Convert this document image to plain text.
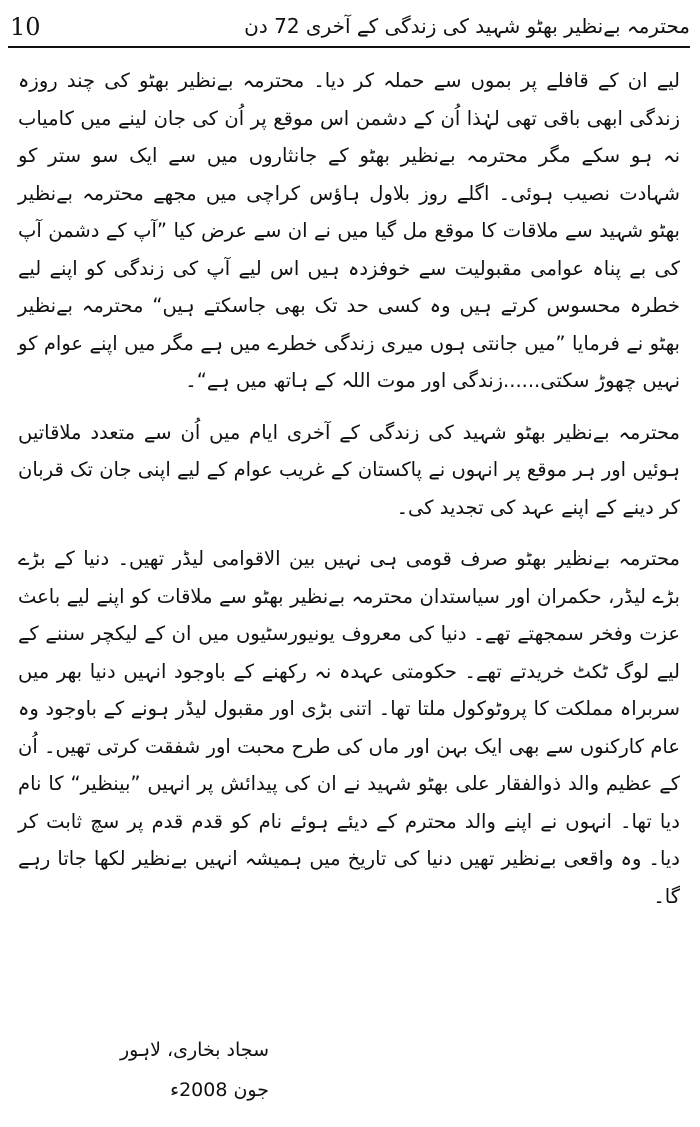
10	محترمہ بےنظیر بھٹو شہید کی زندگی کے آخری 72 دن

لیے ان کے قافلے پر بموں سے حملہ کر دیا۔ محترمہ بےنظیر بھٹو کی چند روزہ زندگی ابھی باقی تھی لہٰذا اُن کے دشمن اس موقع پر اُن کی جان لینے میں کامیاب نہ ہو سکے مگر محترمہ بےنظیر بھٹو کے جانثاروں میں سے ایک سو ستر کو شہادت نصیب ہوئی۔ اگلے روز بلاول ہاؤس کراچی میں مجھے محترمہ بےنظیر بھٹو شہید سے ملاقات کا موقع مل گیا میں نے ان سے عرض کیا ”آپ کے دشمن آپ کی بے پناہ عوامی مقبولیت سے خوفزدہ ہیں اس لیے آپ کی زندگی کو اپنے لیے خطرہ محسوس کرتے ہیں وہ کسی حد تک بھی جاسکتے ہیں“ محترمہ بےنظیر بھٹو نے فرمایا ”میں جانتی ہوں میری زندگی خطرے میں ہے مگر میں اپنے عوام کو نہیں چھوڑ سکتی......زندگی اور موت اللہ کے ہاتھ میں ہے“۔

محترمہ بےنظیر بھٹو شہید کی زندگی کے آخری ایام میں اُن سے متعدد ملاقاتیں ہوئیں اور ہر موقع پر انہوں نے پاکستان کے غریب عوام کے لیے اپنی جان تک قربان کر دینے کے اپنے عہد کی تجدید کی۔

محترمہ بےنظیر بھٹو صرف قومی ہی نہیں بین الاقوامی لیڈر تھیں۔ دنیا کے بڑے بڑے لیڈر، حکمران اور سیاستدان محترمہ بےنظیر بھٹو سے ملاقات کو اپنے لیے باعث عزت وفخر سمجھتے تھے۔ دنیا کی معروف یونیورسٹیوں میں ان کے لیکچر سننے کے لیے لوگ ٹکٹ خریدتے تھے۔ حکومتی عہدہ نہ رکھنے کے باوجود انہیں دنیا بھر میں سربراہ مملکت کا پروٹوکول ملتا تھا۔ اتنی بڑی اور مقبول لیڈر ہونے کے باوجود وہ عام کارکنوں سے بھی ایک بہن اور ماں کی طرح محبت اور شفقت کرتی تھیں۔ اُن کے عظیم والد ذوالفقار علی بھٹو شہید نے ان کی پیدائش پر انہیں ”بینظیر“ کا نام دیا تھا۔ انہوں نے اپنے والد محترم کے دیئے ہوئے نام کو قدم قدم پر سچ ثابت کر دیا۔ وہ واقعی بےنظیر تھیں دنیا کی تاریخ میں ہمیشہ انہیں بےنظیر لکھا جاتا رہے گا۔

سجاد بخاری، لاہور
جون 2008ء
